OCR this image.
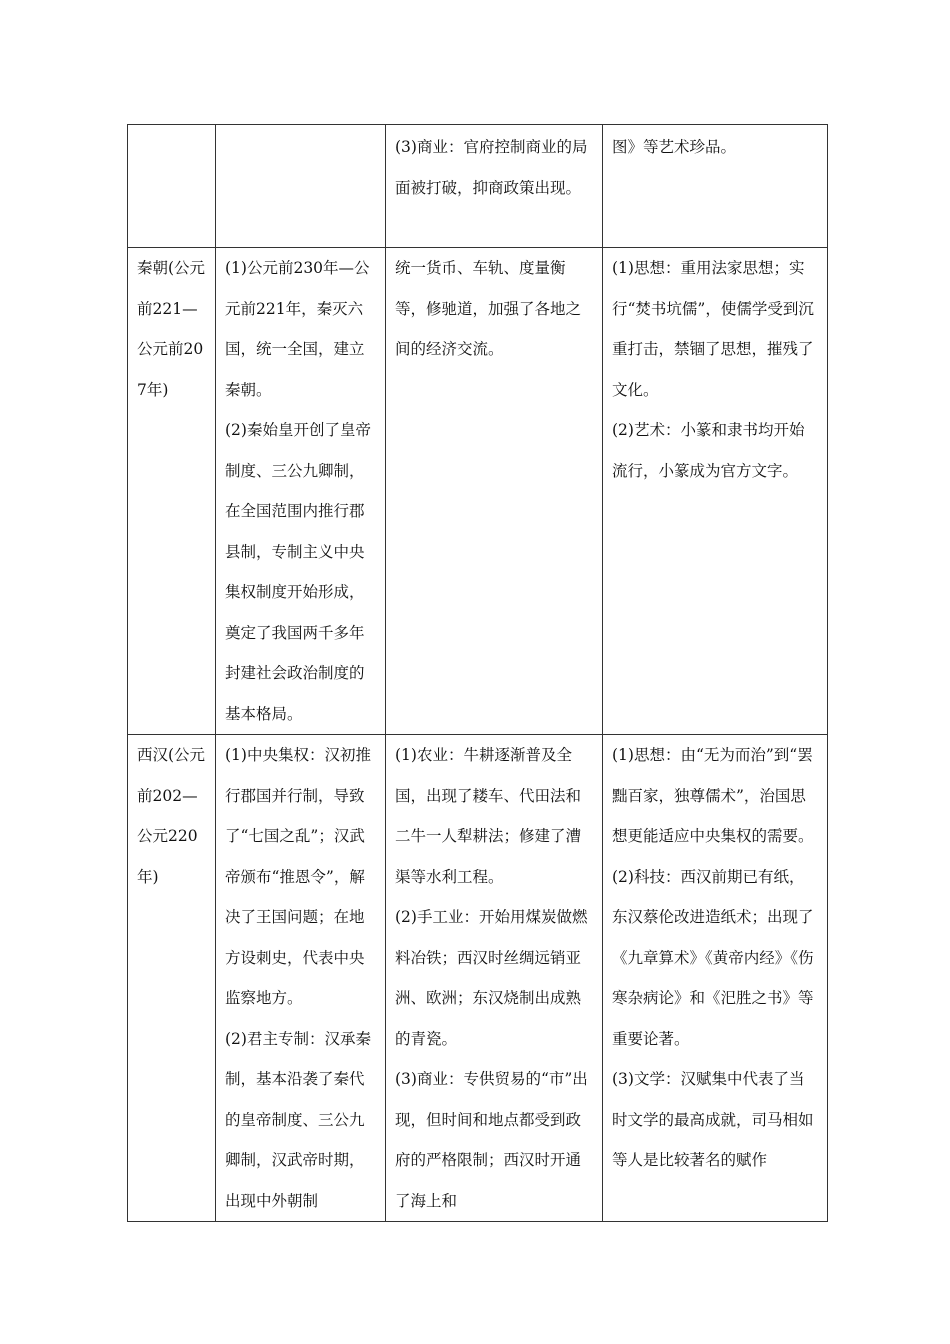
		(3)商业：官府控制商业的局面被打破，抑商政策出现。	图》等艺术珍品。

秦朝(公元前221—公元前207年)	(1)公元前230年—公元前221年，秦灭六国，统一全国，建立秦朝。
(2)秦始皇开创了皇帝制度、三公九卿制，在全国范围内推行郡县制，专制主义中央集权制度开始形成，奠定了我国两千多年封建社会政治制度的基本格局。	统一货币、车轨、度量衡等，修驰道，加强了各地之间的经济交流。	(1)思想：重用法家思想；实行“焚书坑儒”，使儒学受到沉重打击，禁锢了思想，摧残了文化。
(2)艺术：小篆和隶书均开始流行，小篆成为官方文字。

西汉(公元前202—公元220年)	(1)中央集权：汉初推行郡国并行制，导致了“七国之乱”；汉武帝颁布“推恩令”，解决了王国问题；在地方设刺史，代表中央监察地方。
(2)君主专制：汉承秦制，基本沿袭了秦代的皇帝制度、三公九卿制，汉武帝时期，出现中外朝制	(1)农业：牛耕逐渐普及全国，出现了耧车、代田法和二牛一人犁耕法；修建了漕渠等水利工程。
(2)手工业：开始用煤炭做燃料冶铁；西汉时丝绸远销亚洲、欧洲；东汉烧制出成熟的青瓷。
(3)商业：专供贸易的“市”出现，但时间和地点都受到政府的严格限制；西汉时开通了海上和	(1)思想：由“无为而治”到“罢黜百家，独尊儒术”，治国思想更能适应中央集权的需要。
(2)科技：西汉前期已有纸，东汉蔡伦改进造纸术；出现了《九章算术》《黄帝内经》《伤寒杂病论》和《汜胜之书》等重要论著。
(3)文学：汉赋集中代表了当时文学的最高成就，司马相如等人是比较著名的赋作
